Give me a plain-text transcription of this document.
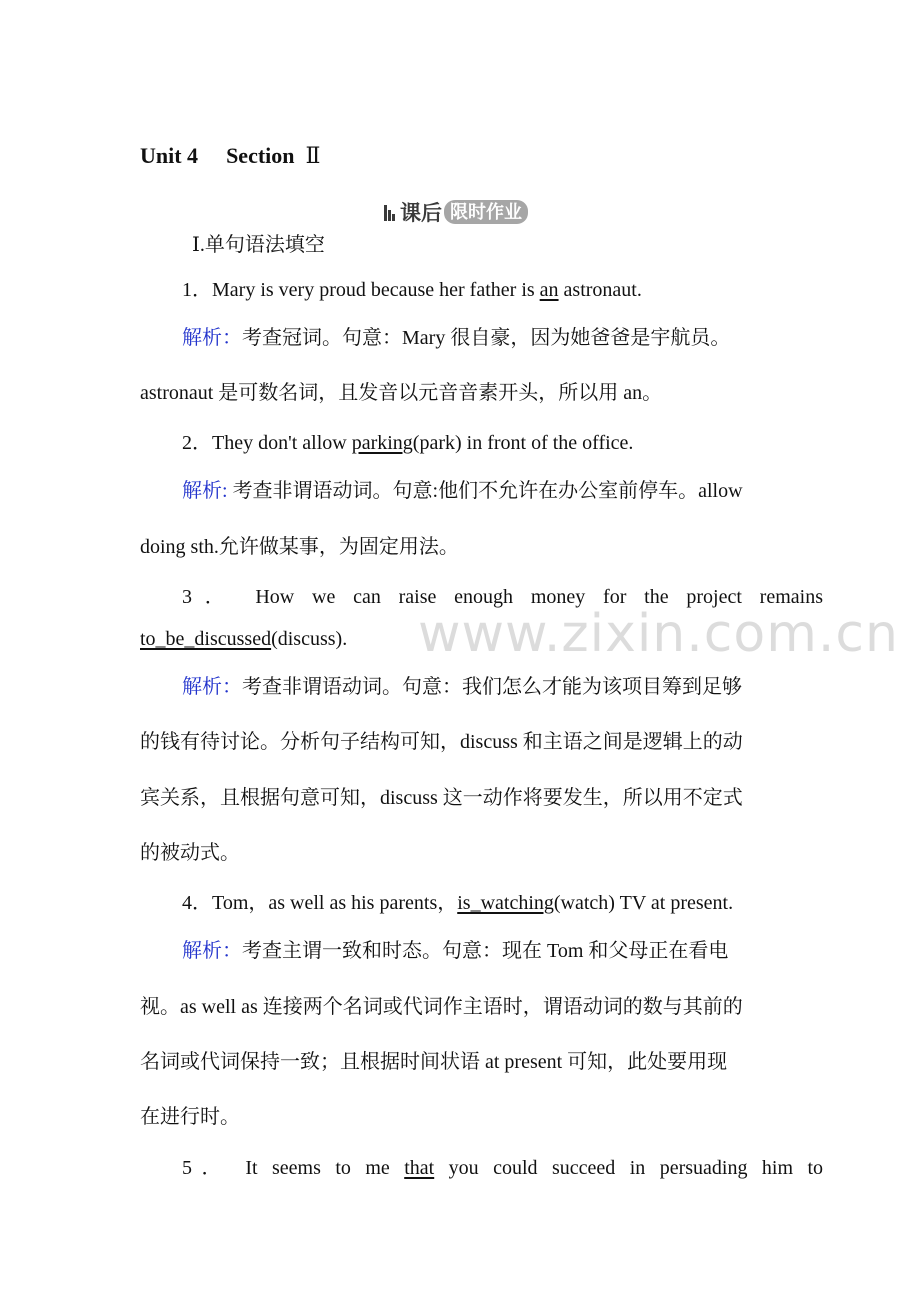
Unit 4 Section Ⅱ
课后 限时作业
Ⅰ.单句语法填空
1．Mary is very proud because her father is an astronaut.
解析：考查冠词。句意：Mary 很自豪，因为她爸爸是宇航员。
astronaut 是可数名词，且发音以元音音素开头，所以用 an。
2．They don't allow parking(park) in front of the office.
解析: 考查非谓语动词。句意:他们不允许在办公室前停车。allow
doing sth.允许做某事，为固定用法。
3． How we can raise enough money for the project remains
to_be_discussed(discuss).	www.zixin.com.cn
解析：考查非谓语动词。句意：我们怎么才能为该项目筹到足够
的钱有待讨论。分析句子结构可知，discuss 和主语之间是逻辑上的动
宾关系，且根据句意可知，discuss 这一动作将要发生，所以用不定式
的被动式。
4．Tom，as well as his parents，is_watching(watch) TV at present.
解析：考查主谓一致和时态。句意：现在 Tom 和父母正在看电
视。as well as 连接两个名词或代词作主语时，谓语动词的数与其前的
名词或代词保持一致；且根据时间状语 at present 可知，此处要用现
在进行时。
5． It seems to me that you could succeed in persuading him to
